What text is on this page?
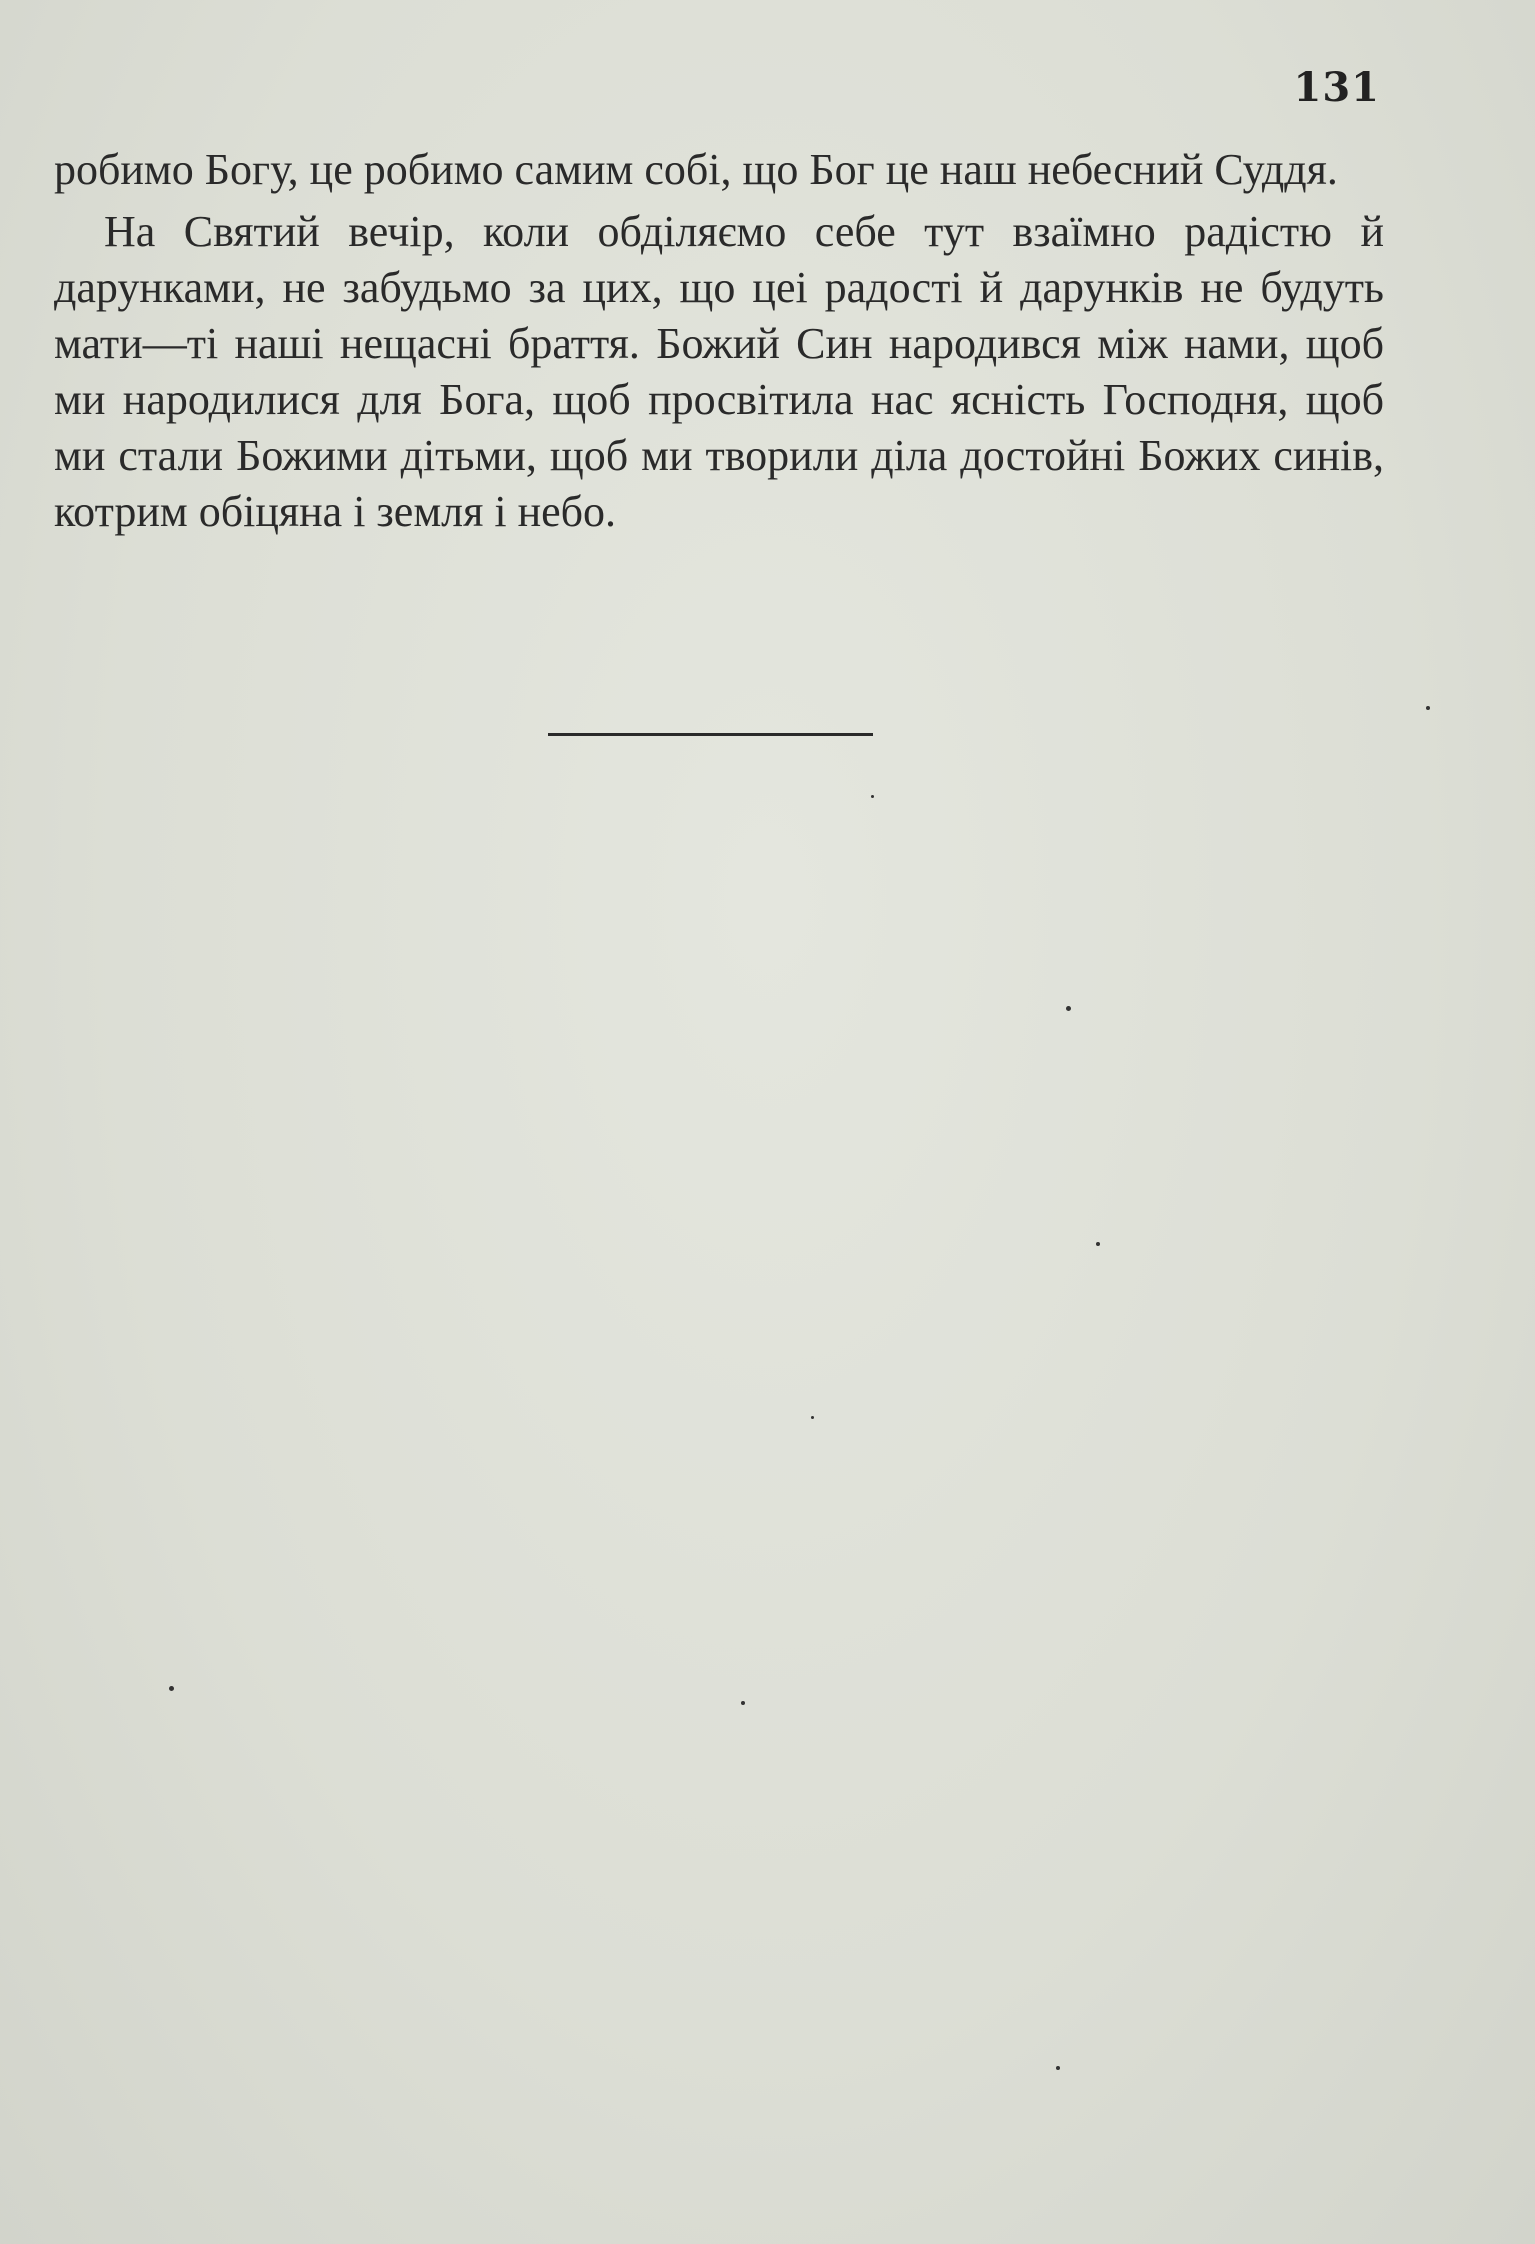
131

робимо Богу, це робимо самим собі, що Бог це наш небесний Суддя.

На Святий вечір, коли обділяємо себе тут взаїмно радістю й дарунками, не забудьмо за цих, що цеі радості й дарунків не будуть мати—ті наші нещасні браття. Божий Син народився між нами, щоб ми народилися для Бога, щоб просвітила нас ясність Господня, щоб ми стали Божими дітьми, щоб ми творили діла достойні Божих синів, котрим обіцяна і земля і небо.
